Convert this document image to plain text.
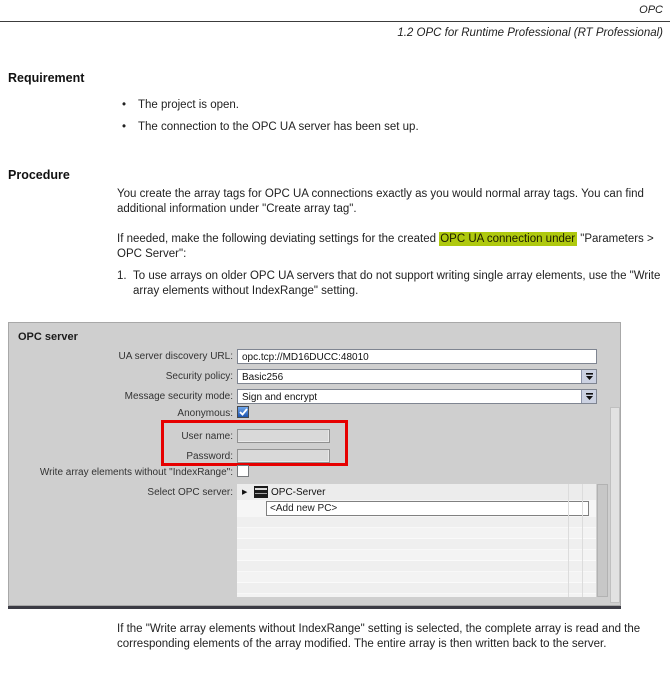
OPC
1.2 OPC for Runtime Professional (RT Professional)
Requirement
•	The project is open.
•	The connection to the OPC UA server has been set up.
Procedure
You create the array tags for OPC UA connections exactly as you would normal array tags. You can find additional information under "Create array tag".
If needed, make the following deviating settings for the created OPC UA connection under "Parameters > OPC Server":
1. To use arrays on older OPC UA servers that do not support writing single array elements, use the "Write array elements without IndexRange" setting.
OPC server
UA server discovery URL: opc.tcp://MD16DUCC:48010
Security policy: Basic256
Message security mode: Sign and encrypt
Anonymous:
User name:
Password:
Write array elements without "IndexRange":
Select OPC server: ▶	OPC-Server
<Add new PC>
If the "Write array elements without IndexRange" setting is selected, the complete array is read and the corresponding elements of the array modified. The entire array is then written back to the server.
